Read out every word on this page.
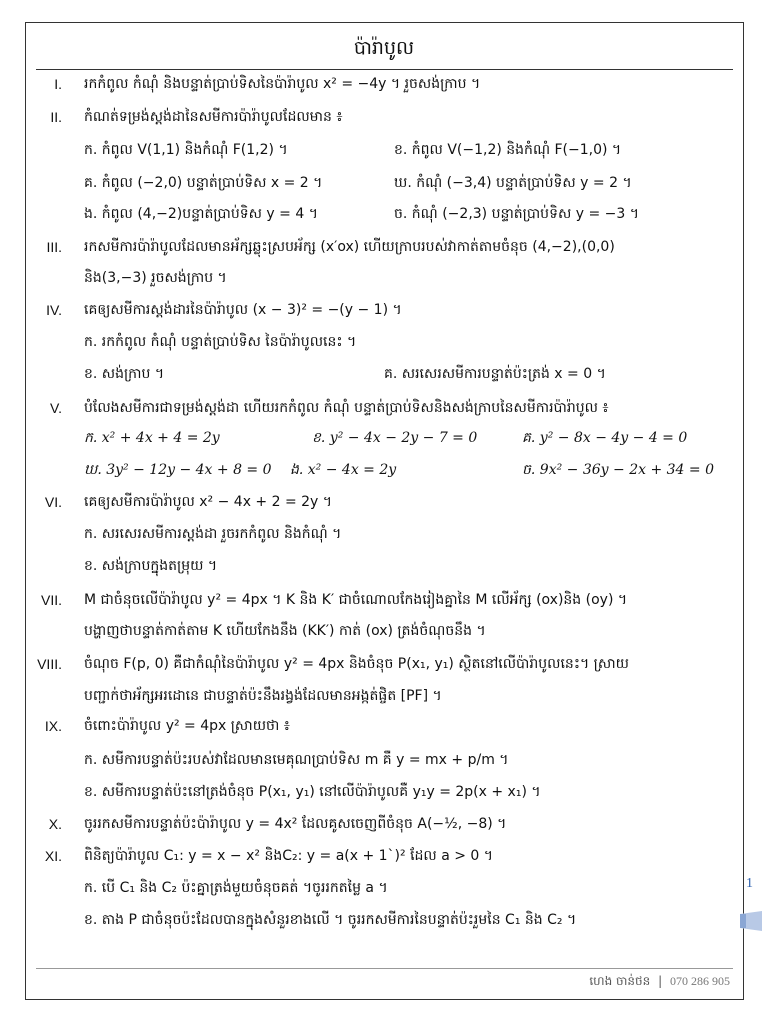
ប៉ារ៉ាបូល
I. រកកំពូល កំណុំ និងបន្ទាត់ប្រាប់ទិសនៃប៉ារ៉ាបូល x² = −4y ។ រួចសង់ក្រាប ។
II. កំណត់ទម្រង់ស្តង់ដានៃសមីការប៉ារ៉ាបូលដែលមាន ៖
ក. កំពូល V(1,1) និងកំណុំ F(1,2) ។	ខ. កំពូល V(−1,2) និងកំណុំ F(−1,0) ។
គ. កំពូល (−2,0) បន្ទាត់ប្រាប់ទិស x = 2 ។	ឃ. កំណុំ (−3,4) បន្ទាត់ប្រាប់ទិស y = 2 ។
ង. កំពូល (4,−2)បន្ទាត់ប្រាប់ទិស y = 4 ។	ច. កំណុំ (−2,3) បន្ទាត់ប្រាប់ទិស y = −3 ។
III. រកសមីការប៉ារ៉ាបូលដែលមានអ័ក្សឆ្លុះស្របអ័ក្ស (x′ox) ហើយក្រាបរបស់វាកាត់តាមចំនុច (4,−2),(0,0)
និង(3,−3) រួចសង់ក្រាប ។
IV. គេឲ្យសមីការស្តង់ដារនៃប៉ារ៉ាបូល (x − 3)² = −(y − 1) ។
ក. រកកំពូល កំណុំ បន្ទាត់ប្រាប់ទិស នៃប៉ារ៉ាបូលនេះ ។
ខ. សង់ក្រាប ។	គ. សរសេរសមីការបន្ទាត់ប៉ះត្រង់ x = 0 ។
V. បំលែងសមីការជាទម្រង់ស្តង់ដា ហើយរកកំពូល កំណុំ បន្ទាត់ប្រាប់ទិសនិងសង់ក្រាបនៃសមីការប៉ារ៉ាបូល ៖
ក. x² + 4x + 4 = 2y	ខ. y² − 4x − 2y − 7 = 0	គ. y² − 8x − 4y − 4 = 0
ឃ. 3y² − 12y − 4x + 8 = 0 ង. x² − 4x = 2y	ច. 9x² − 36y − 2x + 34 = 0
VI. គេឲ្យសមីការប៉ារ៉ាបូល x² − 4x + 2 = 2y ។
ក. សរសេរសមីការស្តង់ដា រួចរកកំពូល និងកំណុំ ។
ខ. សង់ក្រាបក្នុងតម្រុយ ។
VII. M ជាចំនុចលើប៉ារ៉ាបូល y² = 4px ។ K និង K′ ជាចំណោលកែងរៀងគ្នានៃ M លើអ័ក្ស (ox)និង (oy) ។
បង្ហាញថាបន្ទាត់កាត់តាម K ហើយកែងនឹង (KK′) កាត់ (ox) ត្រង់ចំណុចនឹង ។
VIII. ចំណុច F(p, 0) គឺជាកំណុំនៃប៉ារ៉ាបូល y² = 4px និងចំនុច P(x₁, y₁) ស្ថិតនៅលើប៉ារ៉ាបូលនេះ។ ស្រាយ
បញ្ជាក់ថាអ័ក្សអរដោនេ ជាបន្ទាត់ប៉ះនឹងរង្វង់ដែលមានអង្កត់ផ្ចិត [PF] ។
IX. ចំពោះប៉ារ៉ាបូល y² = 4px ស្រាយថា ៖
ក. សមីការបន្ទាត់ប៉ះរបស់វាដែលមានមេគុណប្រាប់ទិស m គឺ y = mx + p/m ។
ខ. សមីការបន្ទាត់ប៉ះនៅត្រង់ចំនុច P(x₁, y₁) នៅលើប៉ារ៉ាបូលគឺ y₁y = 2p(x + x₁) ។
X. ចូររកសមីការបន្ទាត់ប៉ះប៉ារ៉ាបូល y = 4x² ដែលគូសចេញពីចំនុច A(−½, −8) ។
XI. ពិនិត្យប៉ារ៉ាបូល C₁: y = x − x² និងC₂: y = a(x + 1`)² ដែល a > 0 ។
ក. បើ C₁ និង C₂ ប៉ះគ្នាត្រង់មួយចំនុចគត់ ។ចូររកតម្លៃ a ។
ខ. តាង P ជាចំនុចប៉ះដែលបានក្នុងសំនួរខាងលើ ។ ចូររកសមីការនៃបន្ទាត់ប៉ះរួមនៃ C₁ និង C₂ ។
1
ហេង ចាន់ថន | 070 286 905
